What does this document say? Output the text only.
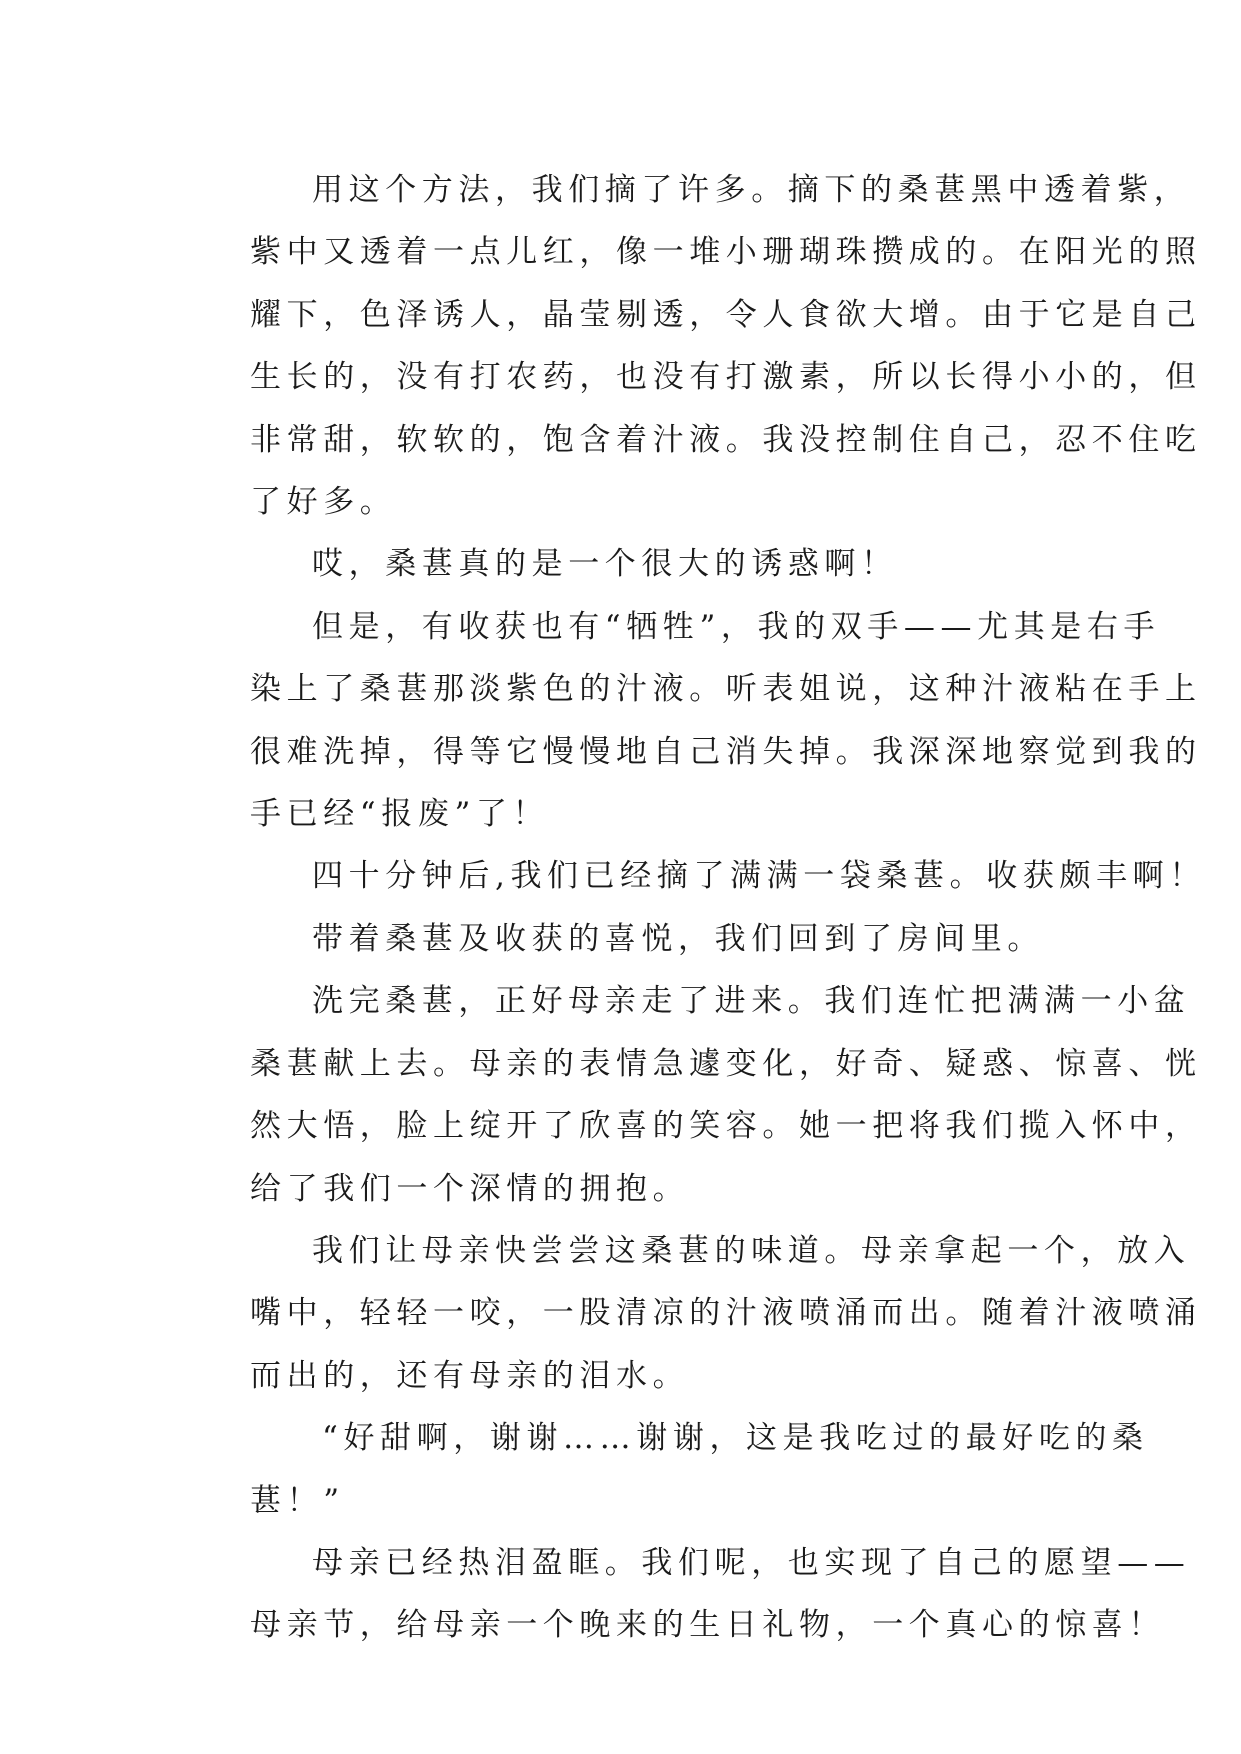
用这个方法，我们摘了许多。摘下的桑葚黑中透着紫，
紫中又透着一点儿红，像一堆小珊瑚珠攒成的。在阳光的照
耀下，色泽诱人，晶莹剔透，令人食欲大增。由于它是自己
生长的，没有打农药，也没有打激素，所以长得小小的，但
非常甜，软软的，饱含着汁液。我没控制住自己，忍不住吃
了好多。

哎，桑葚真的是一个很大的诱惑啊！

但是，有收获也有“牺牲”，我的双手——尤其是右手
染上了桑葚那淡紫色的汁液。听表姐说，这种汁液粘在手上
很难洗掉，得等它慢慢地自己消失掉。我深深地察觉到我的
手已经“报废”了！

四十分钟后,我们已经摘了满满一袋桑葚。收获颇丰啊！

带着桑葚及收获的喜悦，我们回到了房间里。

洗完桑葚，正好母亲走了进来。我们连忙把满满一小盆
桑葚献上去。母亲的表情急遽变化，好奇、疑惑、惊喜、恍
然大悟，脸上绽开了欣喜的笑容。她一把将我们揽入怀中，
给了我们一个深情的拥抱。

我们让母亲快尝尝这桑葚的味道。母亲拿起一个，放入
嘴中，轻轻一咬，一股清凉的汁液喷涌而出。随着汁液喷涌
而出的，还有母亲的泪水。

“好甜啊，谢谢……谢谢，这是我吃过的最好吃的桑
葚！”

母亲已经热泪盈眶。我们呢，也实现了自己的愿望——
母亲节，给母亲一个晚来的生日礼物，一个真心的惊喜！
